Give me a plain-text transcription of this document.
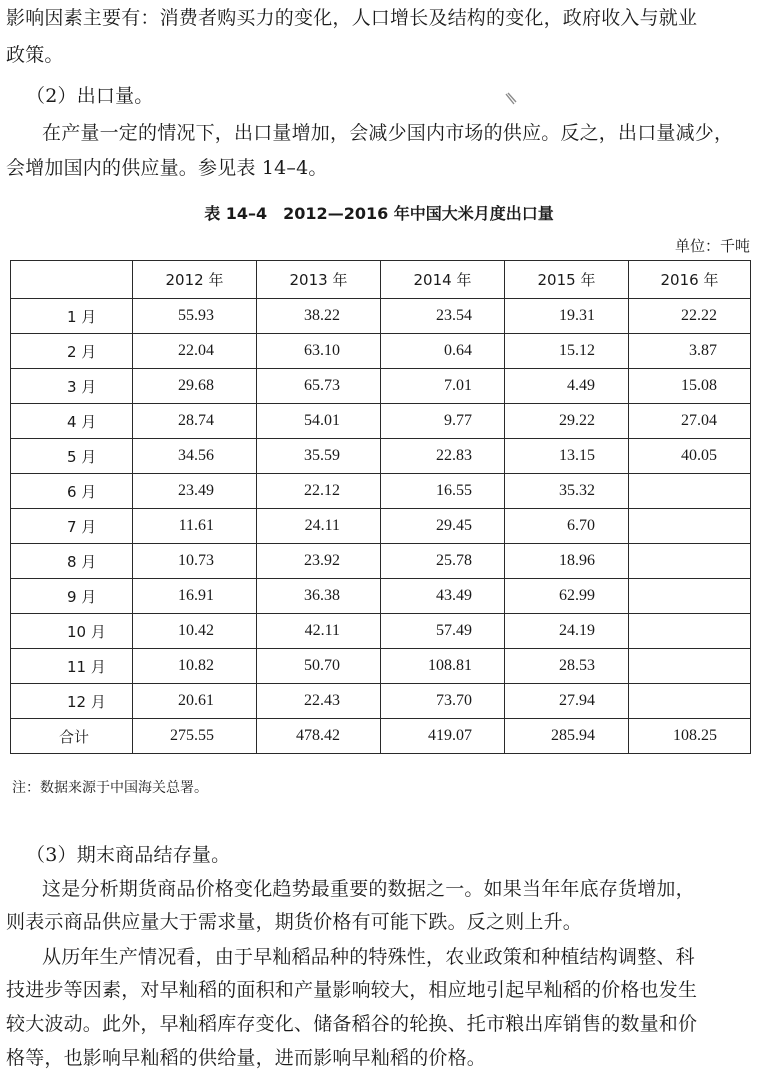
影响因素主要有：消费者购买力的变化，人口增长及结构的变化，政府收入与就业
政策。
（2）出口量。
在产量一定的情况下，出口量增加，会减少国内市场的供应。反之，出口量减少，
会增加国内的供应量。参见表 14–4。
表 14–4　2012—2016 年中国大米月度出口量
单位：千吨
	2012 年	2013 年	2014 年	2015 年	2016 年
1 月	55.93	38.22	23.54	19.31	22.22
2 月	22.04	63.10	0.64	15.12	3.87
3 月	29.68	65.73	7.01	4.49	15.08
4 月	28.74	54.01	9.77	29.22	27.04
5 月	34.56	35.59	22.83	13.15	40.05
6 月	23.49	22.12	16.55	35.32	
7 月	11.61	24.11	29.45	6.70	
8 月	10.73	23.92	25.78	18.96	
9 月	16.91	36.38	43.49	62.99	
10 月	10.42	42.11	57.49	24.19	
11 月	10.82	50.70	108.81	28.53	
12 月	20.61	22.43	73.70	27.94	
合计	275.55	478.42	419.07	285.94	108.25
注：数据来源于中国海关总署。
（3）期末商品结存量。
这是分析期货商品价格变化趋势最重要的数据之一。如果当年年底存货增加，
则表示商品供应量大于需求量，期货价格有可能下跌。反之则上升。
从历年生产情况看，由于早籼稻品种的特殊性，农业政策和种植结构调整、科
技进步等因素，对早籼稻的面积和产量影响较大，相应地引起早籼稻的价格也发生
较大波动。此外，早籼稻库存变化、储备稻谷的轮换、托市粮出库销售的数量和价
格等，也影响早籼稻的供给量，进而影响早籼稻的价格。
